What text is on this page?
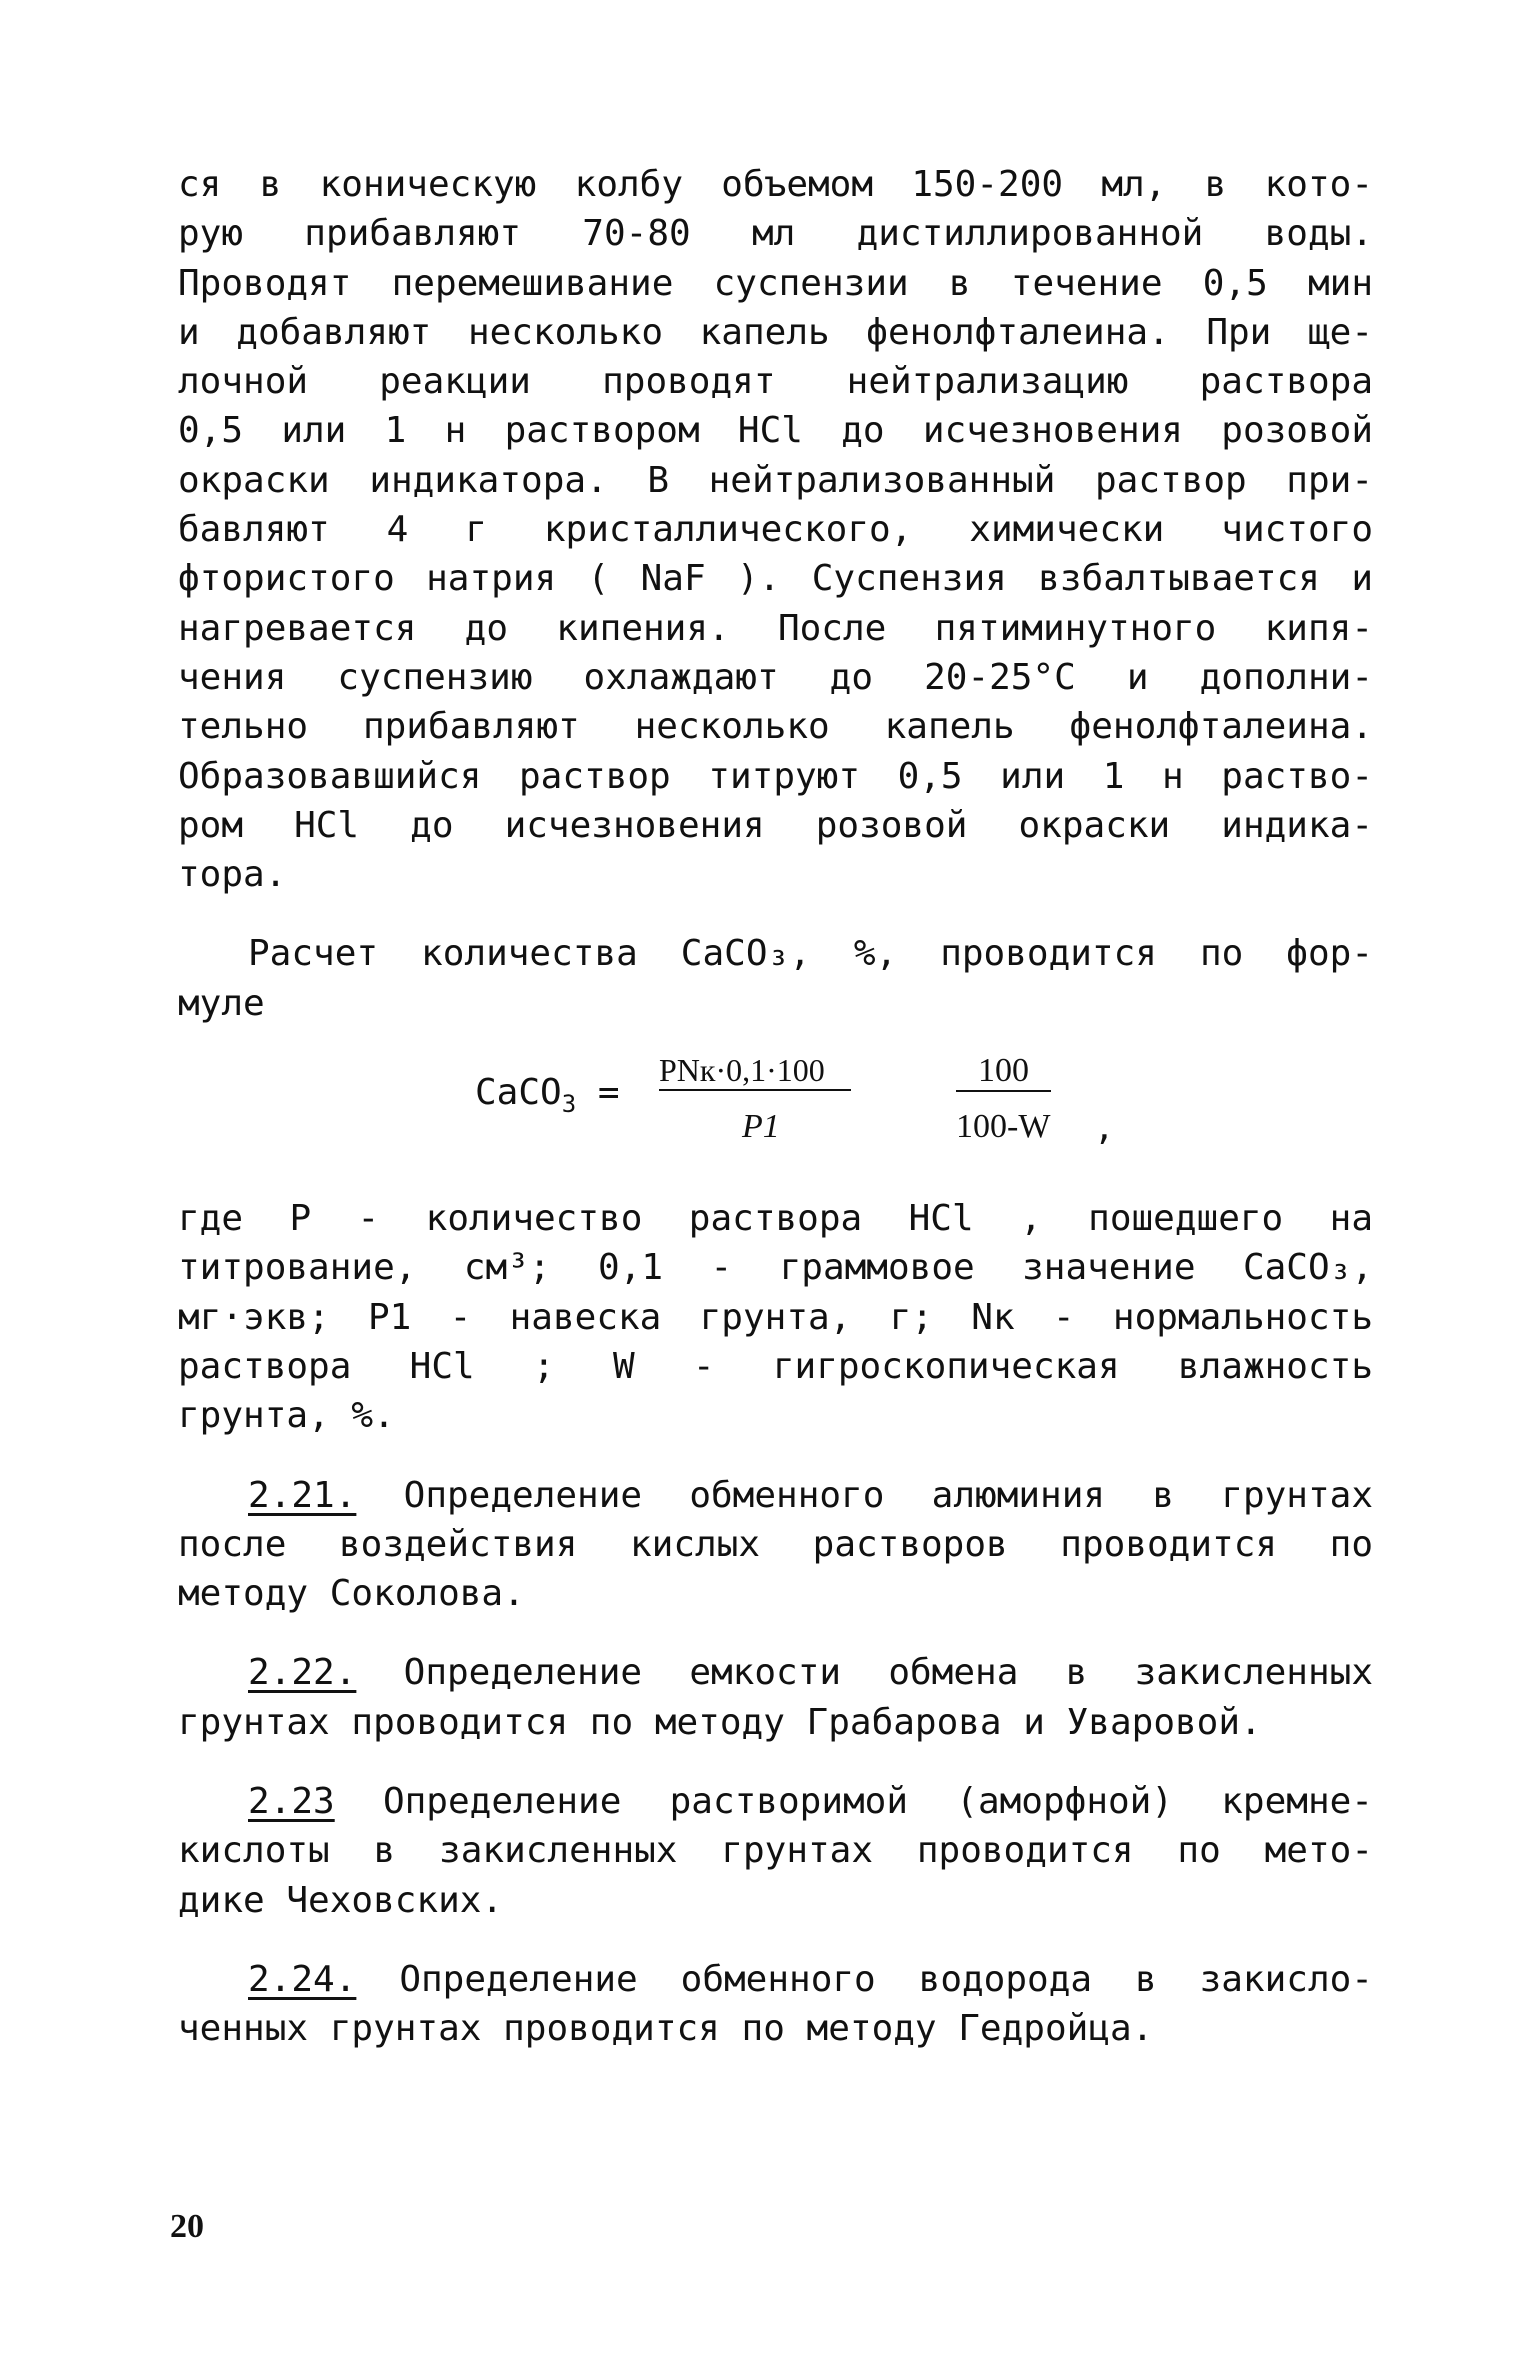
ся в коническую колбу объемом 150-200 мл, в кото-
рую прибавляют 70-80 мл дистиллированной воды.
Проводят перемешивание суспензии в течение 0,5 мин
и добавляют несколько капель фенолфталеина. При ще-
лочной реакции проводят нейтрализацию раствора
0,5 или 1 н раствором HCl до исчезновения розовой
окраски индикатора. В нейтрализованный раствор при-
бавляют 4 г кристаллического, химически чистого
фтористого натрия ( NaF ). Суспензия взбалтывается и
нагревается до кипения. После пятиминутного кипя-
чения суспензию охлаждают до 20-25°С и дополни-
тельно прибавляют несколько капель фенолфталеина.
Образовавшийся раствор титруют 0,5 или 1 н раство-
ром HCl до исчезновения розовой окраски индика-
тора.
Расчет количества CaCO₃, %, проводится по фор-
муле
CaCO$_3$ =
PNк·0,1·100
P1
100
100-W ,
где P - количество раствора HCl , пошедшего на
титрование, см³; 0,1 - граммовое значение CaCO₃,
мг·экв; P1 - навеска грунта, г; Nк - нормальность
раствора HCl ; W - гигроскопическая влажность
грунта, %.
2.21. Определение обменного алюминия в грунтах
после воздействия кислых растворов проводится по
методу Соколова.
2.22. Определение емкости обмена в закисленных
грунтах проводится по методу Грабарова и Уваровой.
2.23 Определение растворимой (аморфной) кремне-
кислоты в закисленных грунтах проводится по мето-
дике Чеховских.
2.24. Определение обменного водорода в закисло-
ченных грунтах проводится по методу Гедройца.
20
